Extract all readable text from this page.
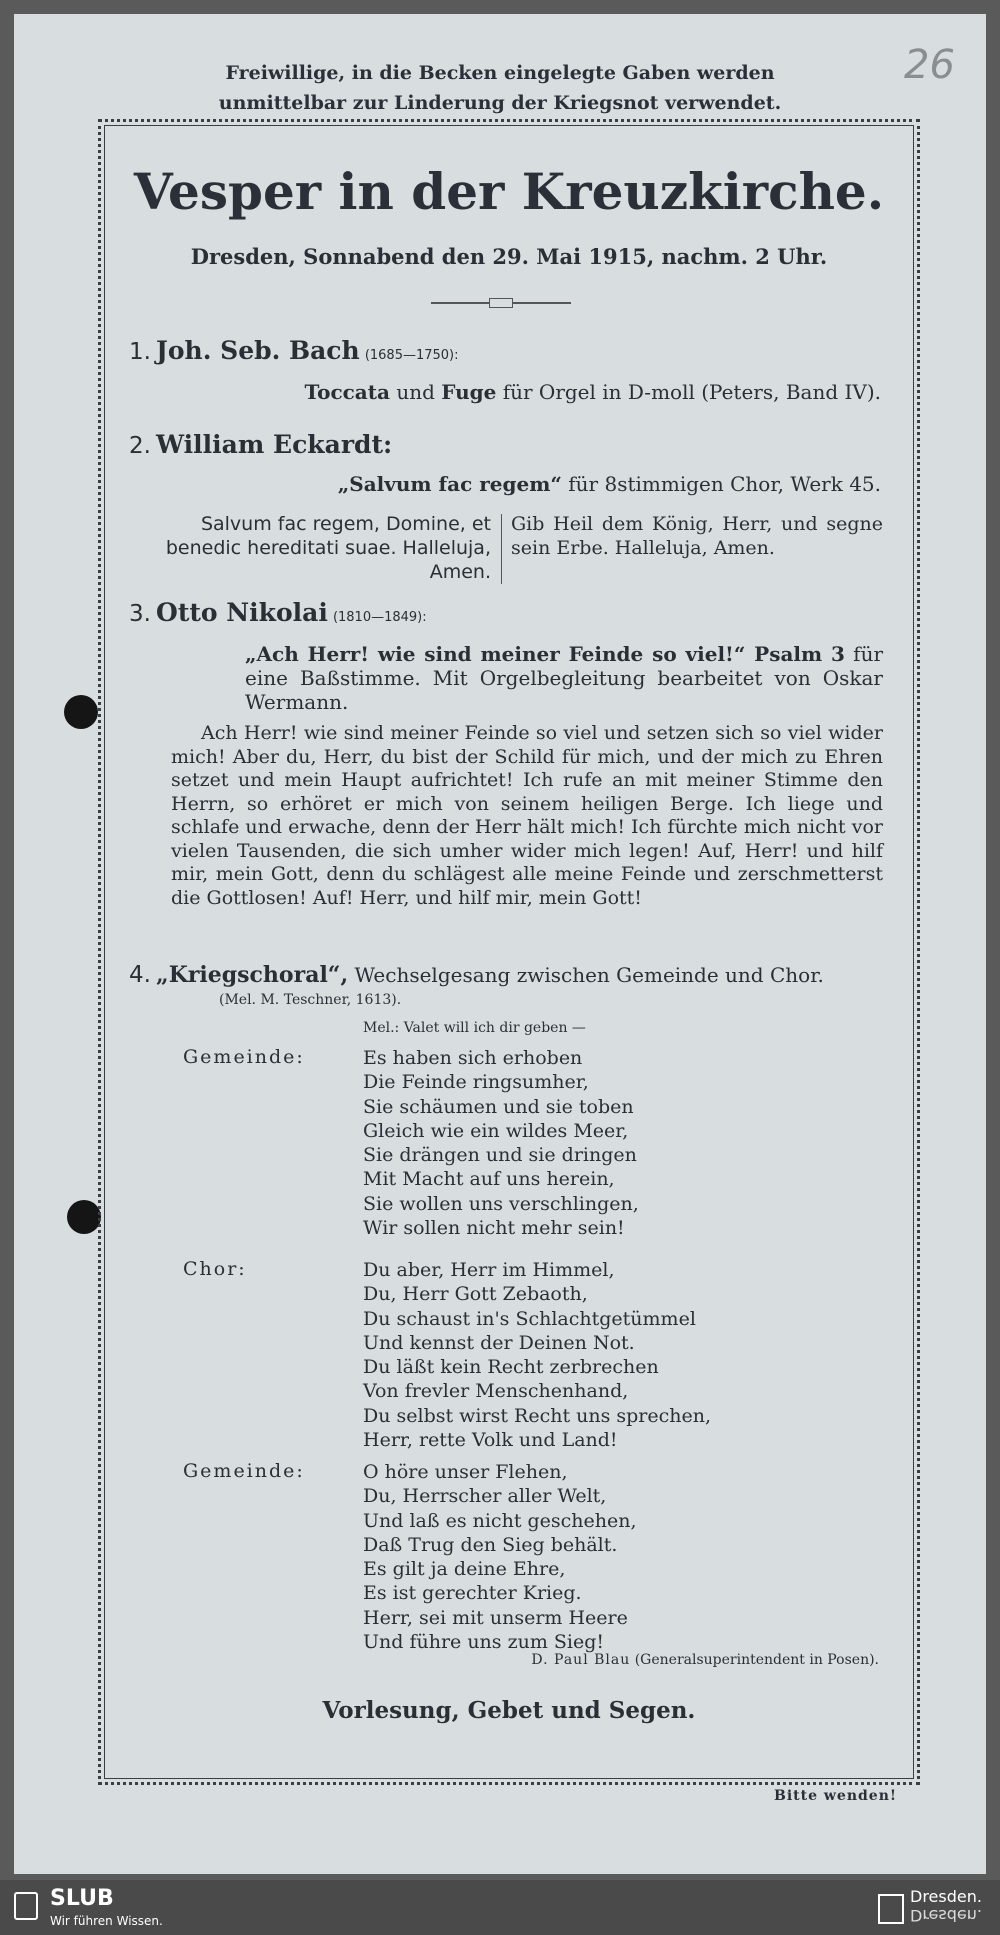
26
Freiwillige, in die Becken eingelegte Gaben werden
unmittelbar zur Linderung der Kriegsnot verwendet.
Vesper in der Kreuzkirche.
Dresden, Sonnabend den 29. Mai 1915, nachm. 2 Uhr.
1. Joh. Seb. Bach (1685—1750):
Toccata und Fuge für Orgel in D-moll (Peters, Band IV).
2. William Eckardt:
„Salvum fac regem“ für 8stimmigen Chor, Werk 45.
Salvum fac regem, Domine, et benedic hereditati suae. Halleluja, Amen.
Gib Heil dem König, Herr, und segne sein Erbe. Halleluja, Amen.
3. Otto Nikolai (1810—1849):
„Ach Herr! wie sind meiner Feinde so viel!“ Psalm 3 für eine Baßstimme. Mit Orgelbegleitung bearbeitet von Oskar Wermann.
Ach Herr! wie sind meiner Feinde so viel und setzen sich so viel wider mich! Aber du, Herr, du bist der Schild für mich, und der mich zu Ehren setzet und mein Haupt aufrichtet! Ich rufe an mit meiner Stimme den Herrn, so erhöret er mich von seinem heiligen Berge. Ich liege und schlafe und erwache, denn der Herr hält mich! Ich fürchte mich nicht vor vielen Tausenden, die sich umher wider mich legen! Auf, Herr! und hilf mir, mein Gott, denn du schlägest alle meine Feinde und zerschmetterst die Gottlosen! Auf! Herr, und hilf mir, mein Gott!
4. „Kriegschoral“, Wechselgesang zwischen Gemeinde und Chor.
(Mel. M. Teschner, 1613).
Mel.: Valet will ich dir geben —
Gemeinde:	Es haben sich erhoben
Die Feinde ringsumher,
Sie schäumen und sie toben
Gleich wie ein wildes Meer,
Sie drängen und sie dringen
Mit Macht auf uns herein,
Sie wollen uns verschlingen,
Wir sollen nicht mehr sein!
Chor:	Du aber, Herr im Himmel,
Du, Herr Gott Zebaoth,
Du schaust in's Schlachtgetümmel
Und kennst der Deinen Not.
Du läßt kein Recht zerbrechen
Von frevler Menschenhand,
Du selbst wirst Recht uns sprechen,
Herr, rette Volk und Land!
Gemeinde:	O höre unser Flehen,
Du, Herrscher aller Welt,
Und laß es nicht geschehen,
Daß Trug den Sieg behält.
Es gilt ja deine Ehre,
Es ist gerechter Krieg.
Herr, sei mit unserm Heere
Und führe uns zum Sieg!
D. Paul Blau (Generalsuperintendent in Posen).
Vorlesung, Gebet und Segen.
Bitte wenden!
SLUB
Wir führen Wissen.
Dresden.
Dresden.
